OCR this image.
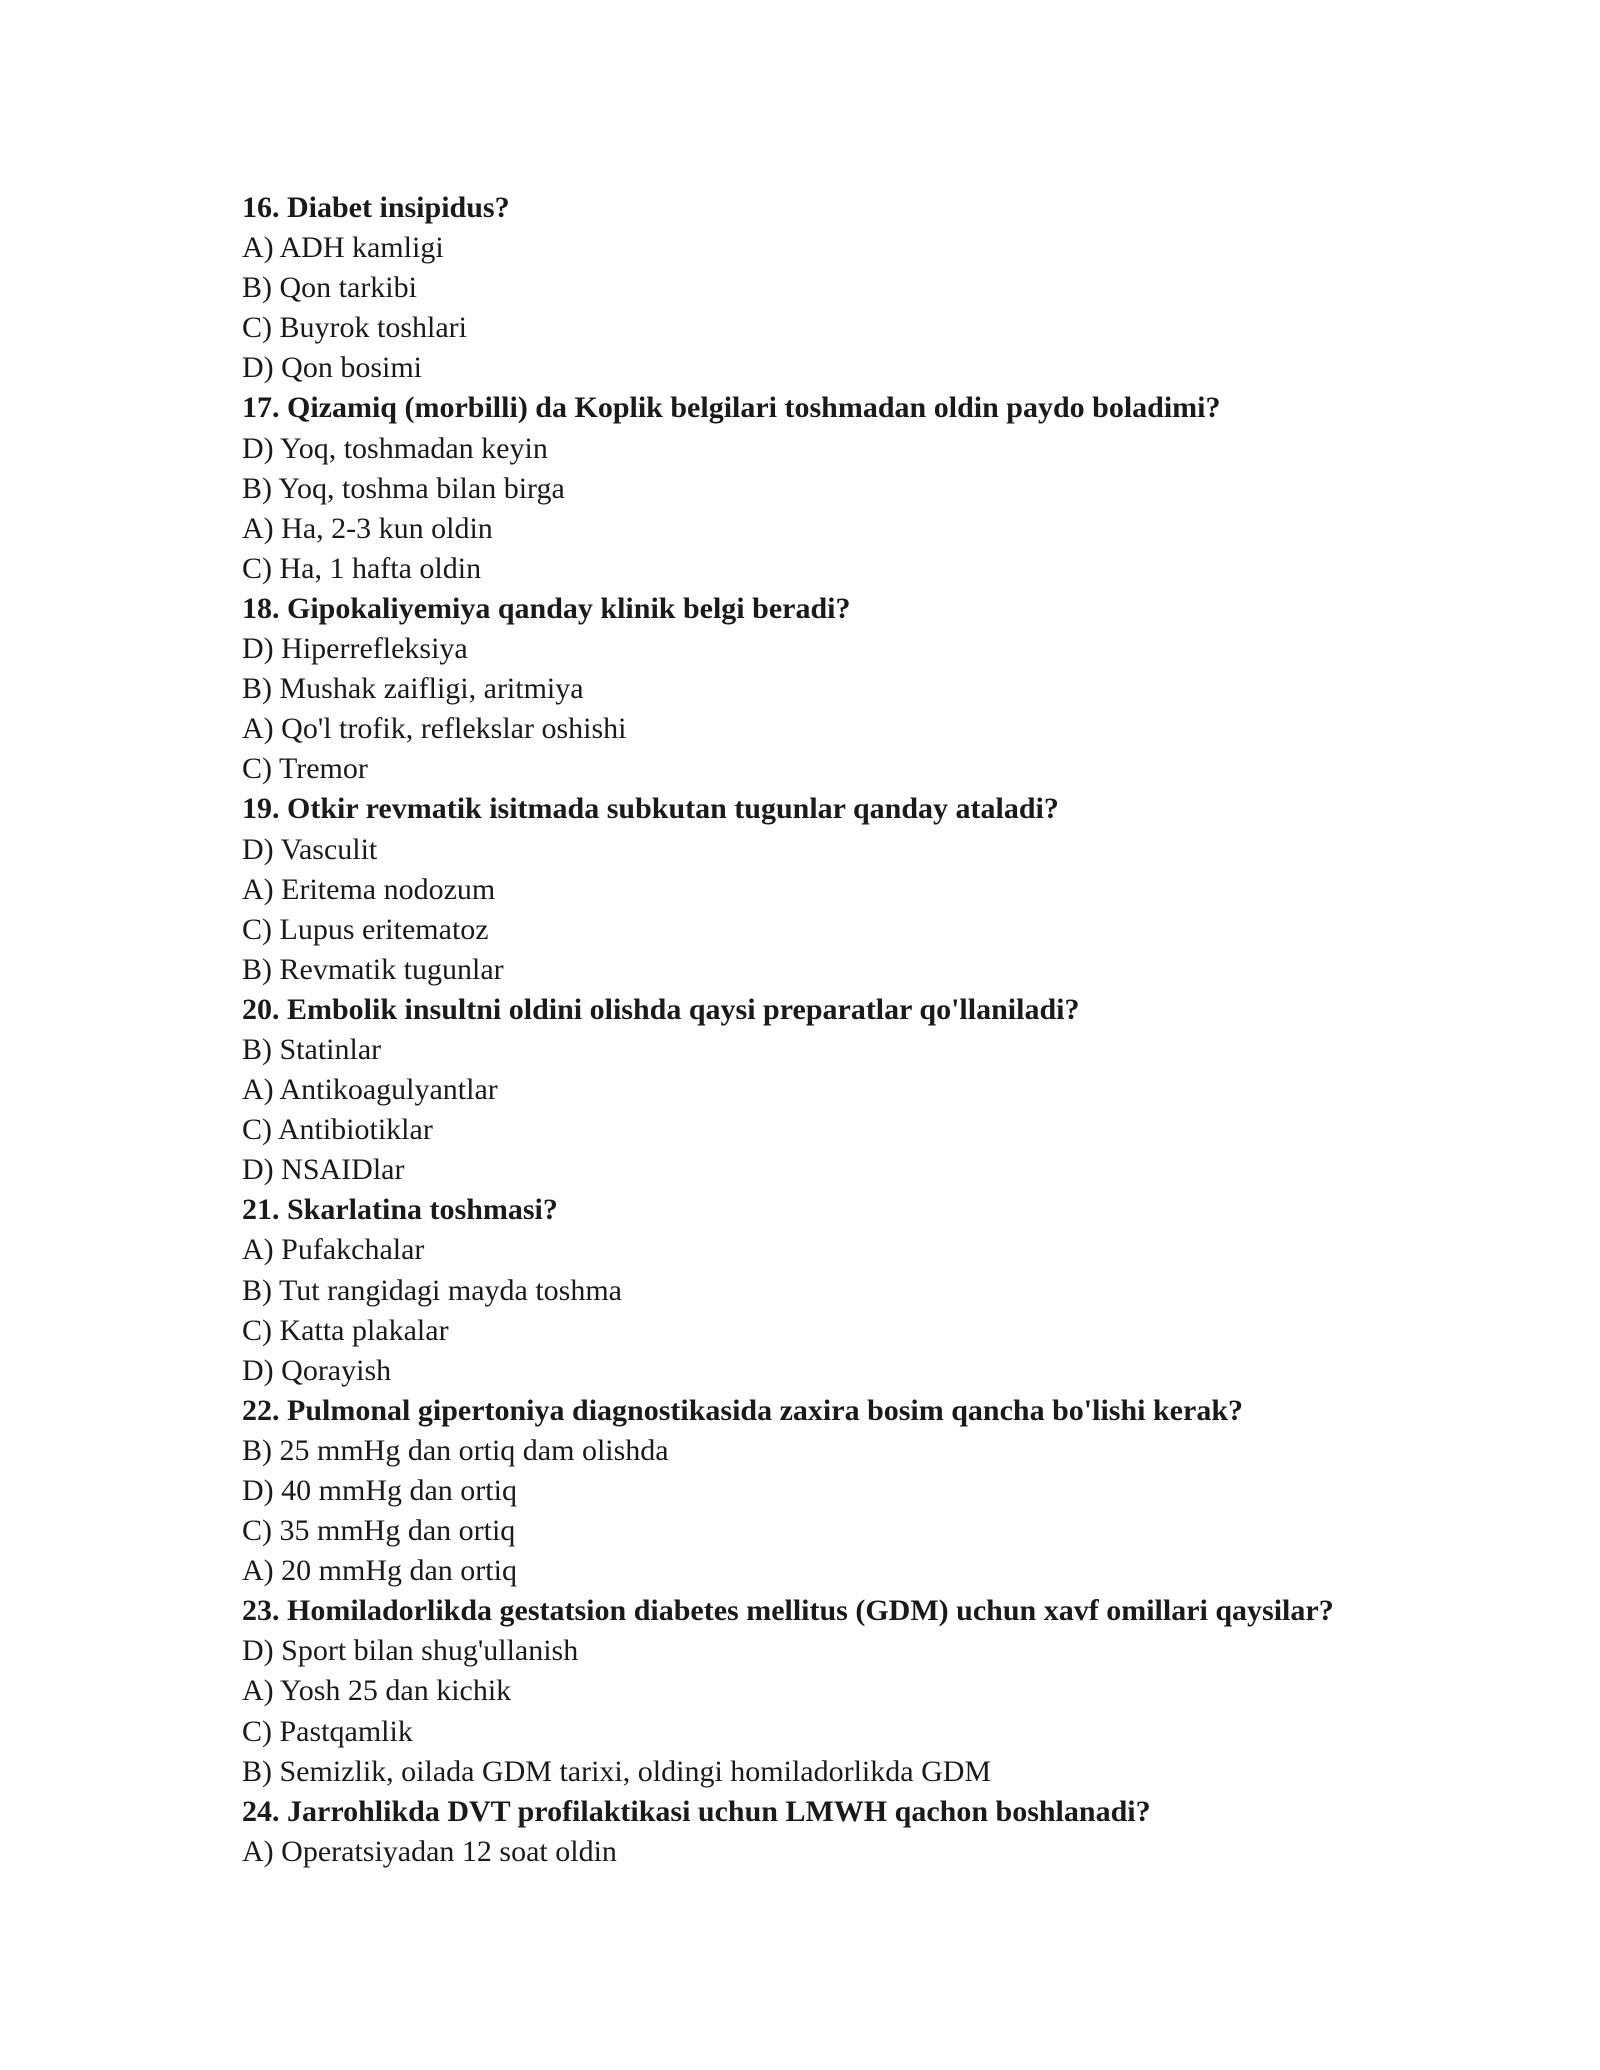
16. Diabet insipidus?
A) ADH kamligi
B) Qon tarkibi
C) Buyrok toshlari
D) Qon bosimi
17. Qizamiq (morbilli) da Koplik belgilari toshmadan oldin paydo boladimi?
D) Yoq, toshmadan keyin
B) Yoq, toshma bilan birga
A) Ha, 2-3 kun oldin
C) Ha, 1 hafta oldin
18. Gipokaliyemiya qanday klinik belgi beradi?
D) Hiperrefleksiya
B) Mushak zaifligi, aritmiya
A) Qo'l trofik, reflekslar oshishi
C) Tremor
19. Otkir revmatik isitmada subkutan tugunlar qanday ataladi?
D) Vasculit
A) Eritema nodozum
C) Lupus eritematoz
B) Revmatik tugunlar
20. Embolik insultni oldini olishda qaysi preparatlar qo'llaniladi?
B) Statinlar
A) Antikoagulyantlar
C) Antibiotiklar
D) NSAIDlar
21. Skarlatina toshmasi?
A) Pufakchalar
B) Tut rangidagi mayda toshma
C) Katta plakalar
D) Qorayish
22. Pulmonal gipertoniya diagnostikasida zaxira bosim qancha bo'lishi kerak?
B) 25 mmHg dan ortiq dam olishda
D) 40 mmHg dan ortiq
C) 35 mmHg dan ortiq
A) 20 mmHg dan ortiq
23. Homiladorlikda gestatsion diabetes mellitus (GDM) uchun xavf omillari qaysilar?
D) Sport bilan shug'ullanish
A) Yosh 25 dan kichik
C) Pastqamlik
B) Semizlik, oilada GDM tarixi, oldingi homiladorlikda GDM
24. Jarrohlikda DVT profilaktikasi uchun LMWH qachon boshlanadi?
A) Operatsiyadan 12 soat oldin
